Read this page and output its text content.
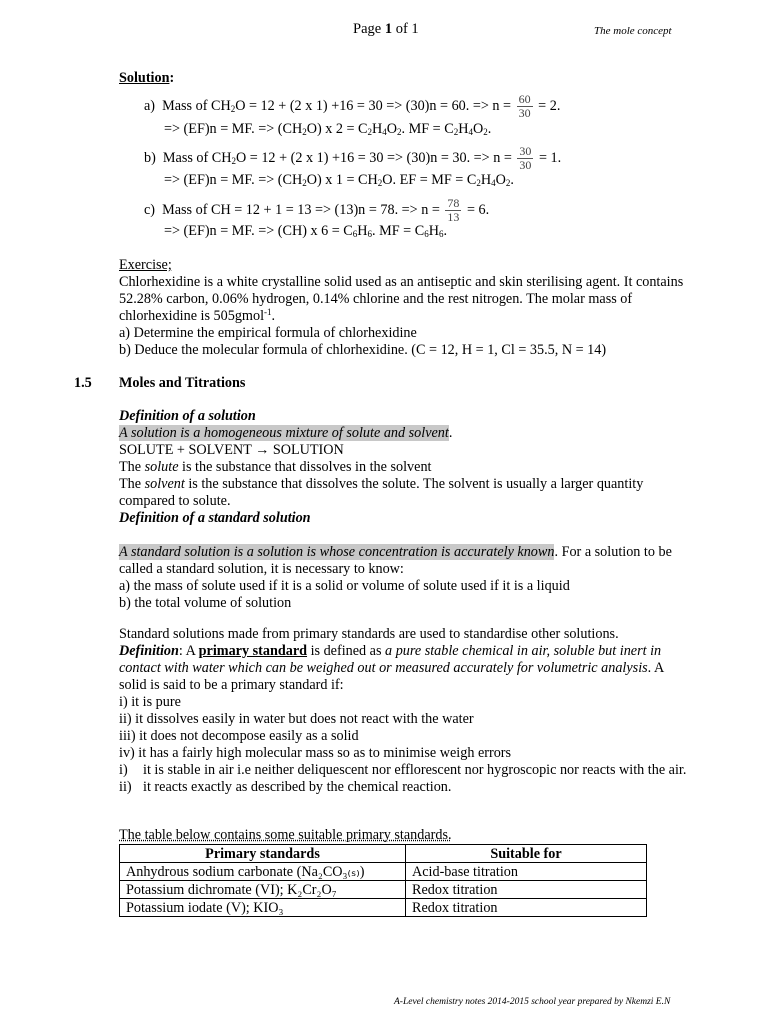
Page 1 of 1	The mole concept
Solution:
a)  Mass of $CH_2O = 12 + (2$ x 1) +16 = 30 => (30)n = 60. => $n = \frac{60}{30} = 2$.
=> (EF)n = MF. => $(CH_2O)$ x $2 = C_2H_4O_2$. MF = $C_2H_4O_2$.
b)  Mass of $CH_2O = 12 + (2$ x 1) +16 = 30 => (30)n = 30. => $n = \frac{30}{30} = 1$.
=> (EF)n = MF. => $(CH_2O)$ x $1 = CH_2O$. EF = MF = $C_2H_4O_2$.
c)  Mass of CH = 12 + 1 = 13 => (13)n = 78. => $n = \frac{78}{13} = 6$.
=> (EF)n = MF. => (CH) x $6 = C_6H_6$. MF = $C_6H_6$.
Exercise;
Chlorhexidine is a white crystalline solid used as an antiseptic and skin sterilising agent. It contains 52.28% carbon, 0.06% hydrogen, 0.14% chlorine and the rest nitrogen. The molar mass of chlorhexidine is 505gmol$^{-1}$.
a) Determine the empirical formula of chlorhexidine
b) Deduce the molecular formula of chlorhexidine. (C = 12, H = 1, Cl = 35.5, N = 14)
1.5 Moles and Titrations
Definition of a solution
A solution is a homogeneous mixture of solute and solvent.
SOLUTE + SOLVENT → SOLUTION
The solute is the substance that dissolves in the solvent
The solvent is the substance that dissolves the solute. The solvent is usually a larger quantity compared to solute.
Definition of a standard solution
A standard solution is a solution is whose concentration is accurately known. For a solution to be called a standard solution, it is necessary to know:
a) the mass of solute used if it is a solid or volume of solute used if it is a liquid
b) the total volume of solution
Standard solutions made from primary standards are used to standardise other solutions.
Definition: A primary standard is defined as a pure stable chemical in air, soluble but inert in contact with water which can be weighed out or measured accurately for volumetric analysis. A solid is said to be a primary standard if:
i) it is pure
ii) it dissolves easily in water but does not react with the water
iii) it does not decompose easily as a solid
iv) it has a fairly high molecular mass so as to minimise weigh errors
i) it is stable in air i.e neither deliquescent nor efflorescent nor hygroscopic nor reacts with the air.
ii) it reacts exactly as described by the chemical reaction.
The table below contains some suitable primary standards.
Primary standards	Suitable for
Anhydrous sodium carbonate (Na₂CO₃₍ₛ₎)	Acid-base titration
Potassium dichromate (VI); K₂Cr₂O₇	Redox titration
Potassium iodate (V); KIO₃	Redox titration
A-Level chemistry notes 2014-2015 school year prepared by Nkemzi E.N
